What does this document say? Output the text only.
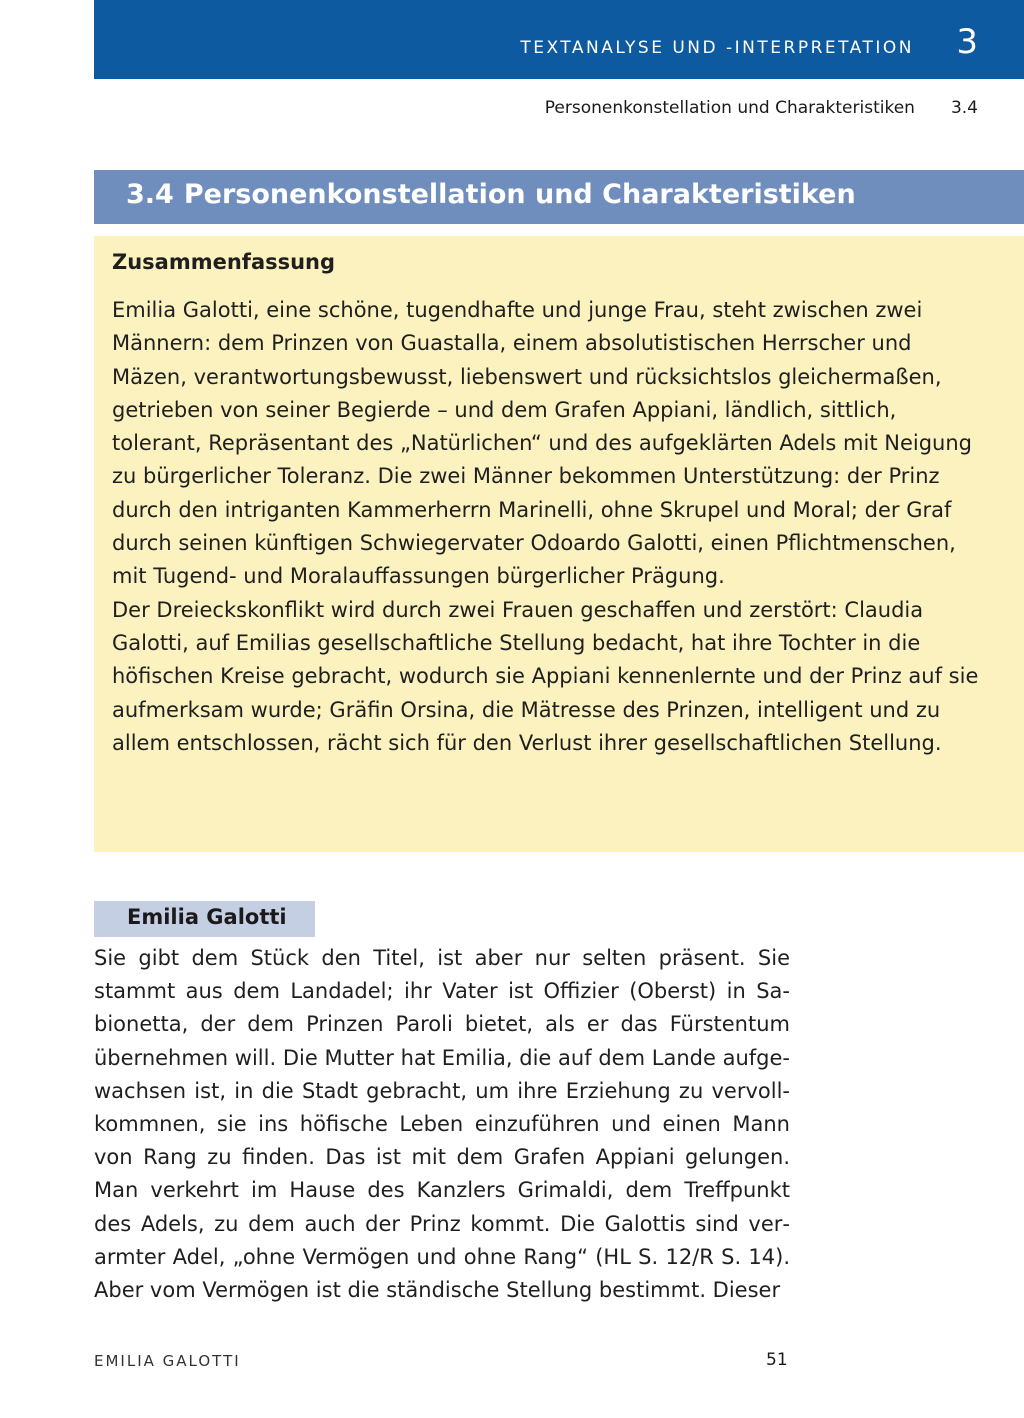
TEXTANALYSE UND -INTERPRETATION 3
Personenkonstellation und Charakteristiken 3.4
3.4 Personenkonstellation und Charakteristiken
Zusammenfassung

Emilia Galotti, eine schöne, tugendhafte und junge Frau, steht zwischen zwei Männern: dem Prinzen von Guastalla, einem absolutistischen Herrscher und Mäzen, verantwortungsbewusst, liebenswert und rücksichtslos gleichermaßen, getrieben von seiner Begierde – und dem Grafen Appiani, ländlich, sittlich, tolerant, Repräsentant des „Natürlichen“ und des aufgeklärten Adels mit Neigung zu bürgerlicher Toleranz. Die zwei Männer bekommen Unterstützung: der Prinz durch den intriganten Kammerherrn Marinelli, ohne Skrupel und Moral; der Graf durch seinen künftigen Schwiegervater Odoardo Galotti, einen Pflichtmenschen, mit Tugend- und Moralauffassungen bürgerlicher Prägung.

Der Dreieckskonflikt wird durch zwei Frauen geschaffen und zerstört: Claudia Galotti, auf Emilias gesellschaftliche Stellung bedacht, hat ihre Tochter in die höfischen Kreise gebracht, wodurch sie Appiani kennenlernte und der Prinz auf sie aufmerksam wurde; Gräfin Orsina, die Mätresse des Prinzen, intelligent und zu allem entschlossen, rächt sich für den Verlust ihrer gesellschaftlichen Stellung.

Emilia Galotti

Sie gibt dem Stück den Titel, ist aber nur selten präsent. Sie stammt aus dem Landadel; ihr Vater ist Offizier (Oberst) in Sabionetta, der dem Prinzen Paroli bietet, als er das Fürstentum übernehmen will. Die Mutter hat Emilia, die auf dem Lande aufgewachsen ist, in die Stadt gebracht, um ihre Erziehung zu vervollkommnen, sie ins höfische Leben einzuführen und einen Mann von Rang zu finden. Das ist mit dem Grafen Appiani gelungen. Man verkehrt im Hause des Kanzlers Grimaldi, dem Treffpunkt des Adels, zu dem auch der Prinz kommt. Die Galottis sind verarmter Adel, „ohne Vermögen und ohne Rang“ (HL S. 12/R S. 14). Aber vom Vermögen ist die ständische Stellung bestimmt. Dieser

EMILIA GALOTTI	51
